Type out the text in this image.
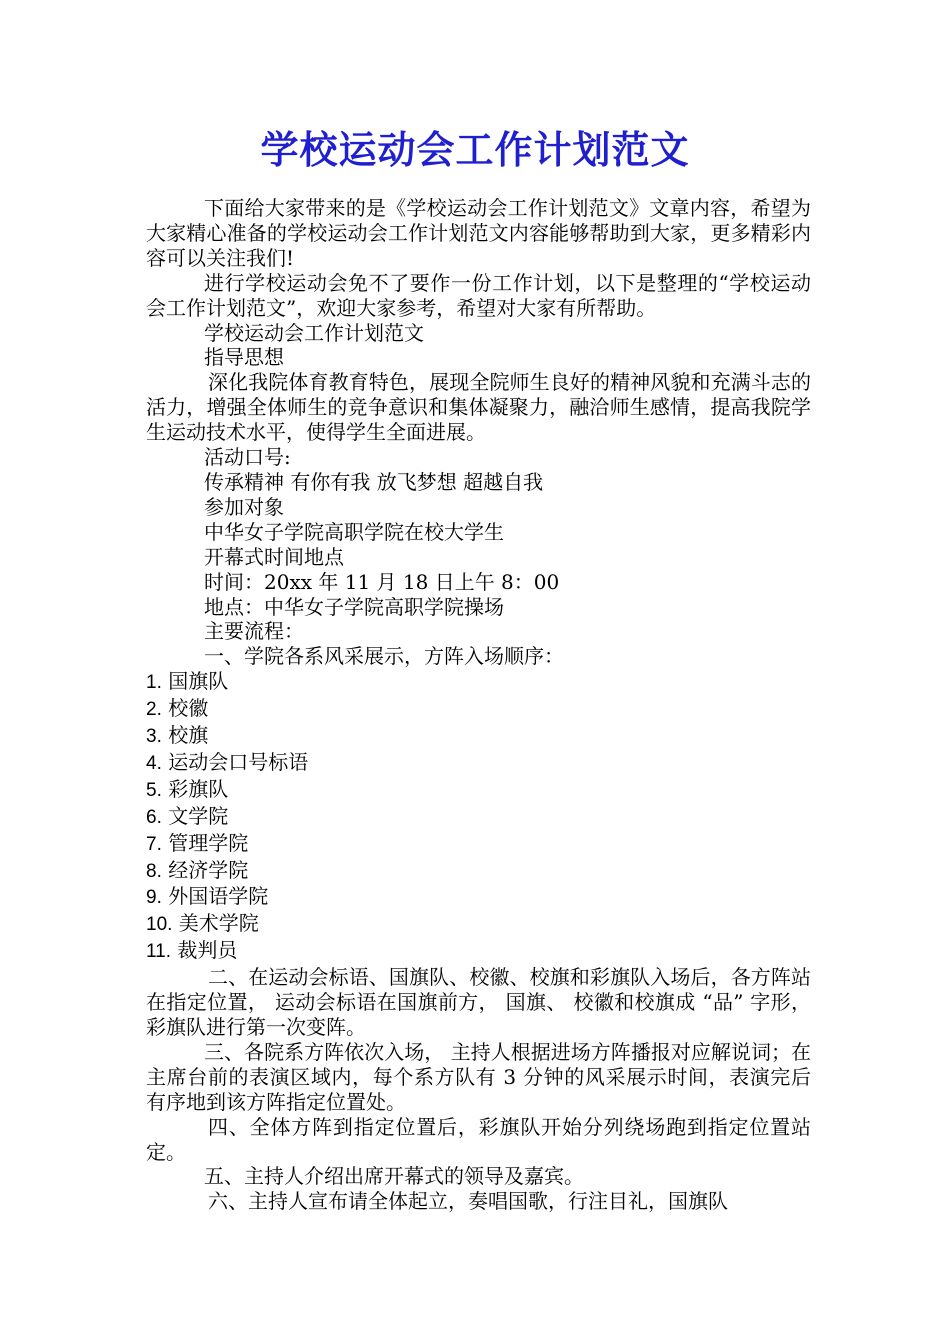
学校运动会工作计划范文

下面给大家带来的是《学校运动会工作计划范文》文章内容，希望为大家精心准备的学校运动会工作计划范文内容能够帮助到大家，更多精彩内容可以关注我们!

进行学校运动会免不了要作一份工作计划，以下是整理的“学校运动会工作计划范文”，欢迎大家参考，希望对大家有所帮助。

学校运动会工作计划范文

指导思想

深化我院体育教育特色，展现全院师生良好的精神风貌和充满斗志的活力，增强全体师生的竞争意识和集体凝聚力，融洽师生感情，提高我院学生运动技术水平，使得学生全面进展。

活动口号:

传承精神 有你有我 放飞梦想 超越自我

参加对象

中华女子学院高职学院在校大学生

开幕式时间地点

时间：20xx 年 11 月 18 日上午 8：00

地点：中华女子学院高职学院操场

主要流程：

一、学院各系风采展示，方阵入场顺序：

1. 国旗队

2. 校徽

3. 校旗

4. 运动会口号标语

5. 彩旗队

6. 文学院

7. 管理学院

8. 经济学院

9. 外国语学院

10. 美术学院

11. 裁判员

二、在运动会标语、国旗队、校徽、校旗和彩旗队入场后，各方阵站在指定位置， 运动会标语在国旗前方， 国旗、 校徽和校旗成 “品” 字形，彩旗队进行第一次变阵。

三、各院系方阵依次入场， 主持人根据进场方阵播报对应解说词；在主席台前的表演区域内，每个系方队有 3 分钟的风采展示时间，表演完后有序地到该方阵指定位置处。

四、全体方阵到指定位置后，彩旗队开始分列绕场跑到指定位置站定。

五、主持人介绍出席开幕式的领导及嘉宾。

六、主持人宣布请全体起立，奏唱国歌，行注目礼，国旗队
